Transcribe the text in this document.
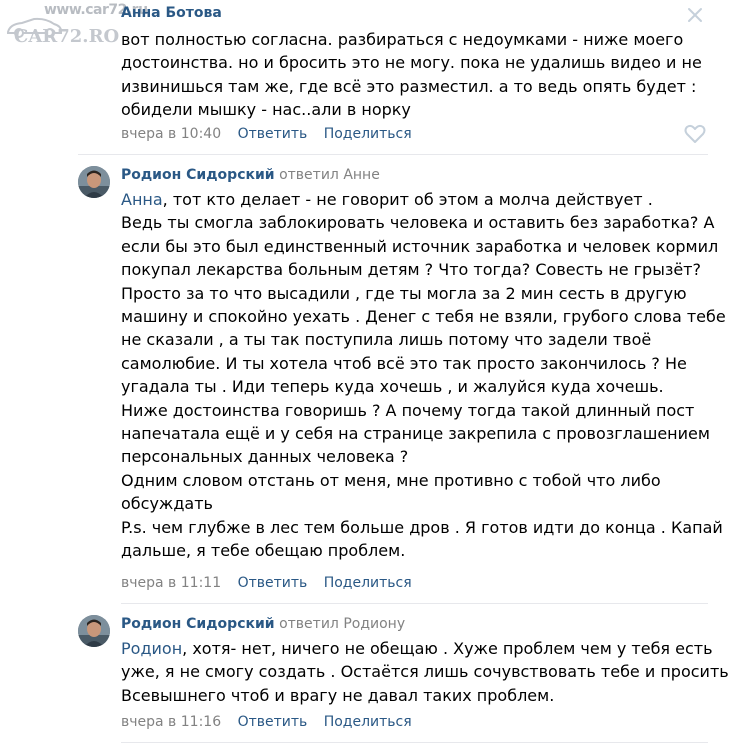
www.car72.ru
CAR72.RO
Анна Ботова
вот полностью согласна. разбираться с недоумками - ниже моего
достоинства. но и бросить это не могу. пока не удалишь видео и не
извинишься там же, где всё это разместил. а то ведь опять будет :
обидели мышку - нас..али в норку
вчера в 10:40 Ответить Поделиться
Родион Сидорский ответил Анне
Анна, тот кто делает - не говорит об этом а молча действует .
Ведь ты смогла заблокировать человека и оставить без заработка? А
если бы это был единственный источник заработка и человек кормил
покупал лекарства больным детям ? Что тогда? Совесть не грызёт?
Просто за то что высадили , где ты могла за 2 мин сесть в другую
машину и спокойно уехать . Денег с тебя не взяли, грубого слова тебе
не сказали , а ты так поступила лишь потому что задели твоё
самолюбие. И ты хотела чтоб всё это так просто закончилось ? Не
угадала ты . Иди теперь куда хочешь , и жалуйся куда хочешь.
Ниже достоинства говоришь ? А почему тогда такой длинный пост
напечатала ещё и у себя на странице закрепила с провозглашением
персональных данных человека ?
Одним словом отстань от меня, мне противно с тобой что либо
обсуждать
P.s. чем глубже в лес тем больше дров . Я готов идти до конца . Капай
дальше, я тебе обещаю проблем.
вчера в 11:11 Ответить Поделиться
Родион Сидорский ответил Родиону
Родион, хотя- нет, ничего не обещаю . Хуже проблем чем у тебя есть
уже, я не смогу создать . Остаётся лишь сочувствовать тебе и просить
Всевышнего чтоб и врагу не давал таких проблем.
вчера в 11:16 Ответить Поделиться
